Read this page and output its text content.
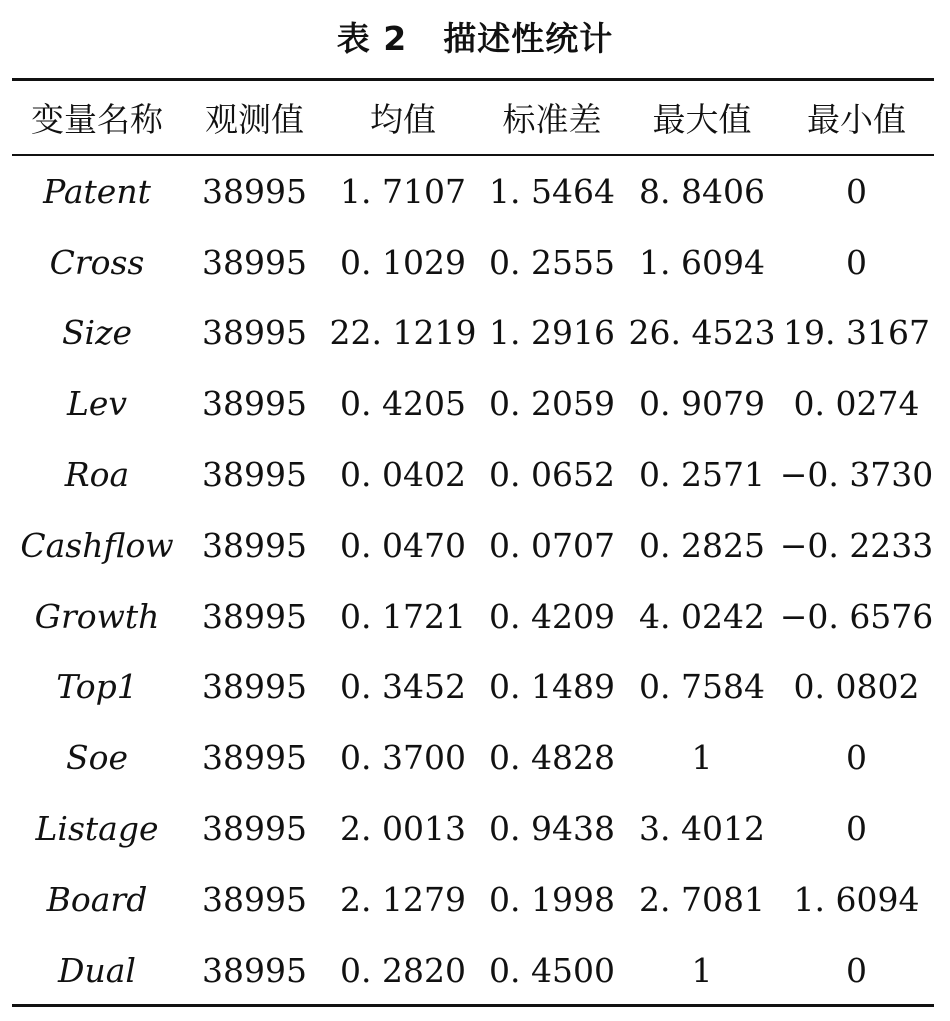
表 2 描述性统计
变量名称	观测值	均值	标准差	最大值	最小值
Patent	38995	1. 7107	1. 5464	8. 8406	0
Cross	38995	0. 1029	0. 2555	1. 6094	0
Size	38995	22. 1219	1. 2916	26. 4523	19. 3167
Lev	38995	0. 4205	0. 2059	0. 9079	0. 0274
Roa	38995	0. 0402	0. 0652	0. 2571	−0. 3730
Cashflow	38995	0. 0470	0. 0707	0. 2825	−0. 2233
Growth	38995	0. 1721	0. 4209	4. 0242	−0. 6576
Top1	38995	0. 3452	0. 1489	0. 7584	0. 0802
Soe	38995	0. 3700	0. 4828	1	0
Listage	38995	2. 0013	0. 9438	3. 4012	0
Board	38995	2. 1279	0. 1998	2. 7081	1. 6094
Dual	38995	0. 2820	0. 4500	1	0
